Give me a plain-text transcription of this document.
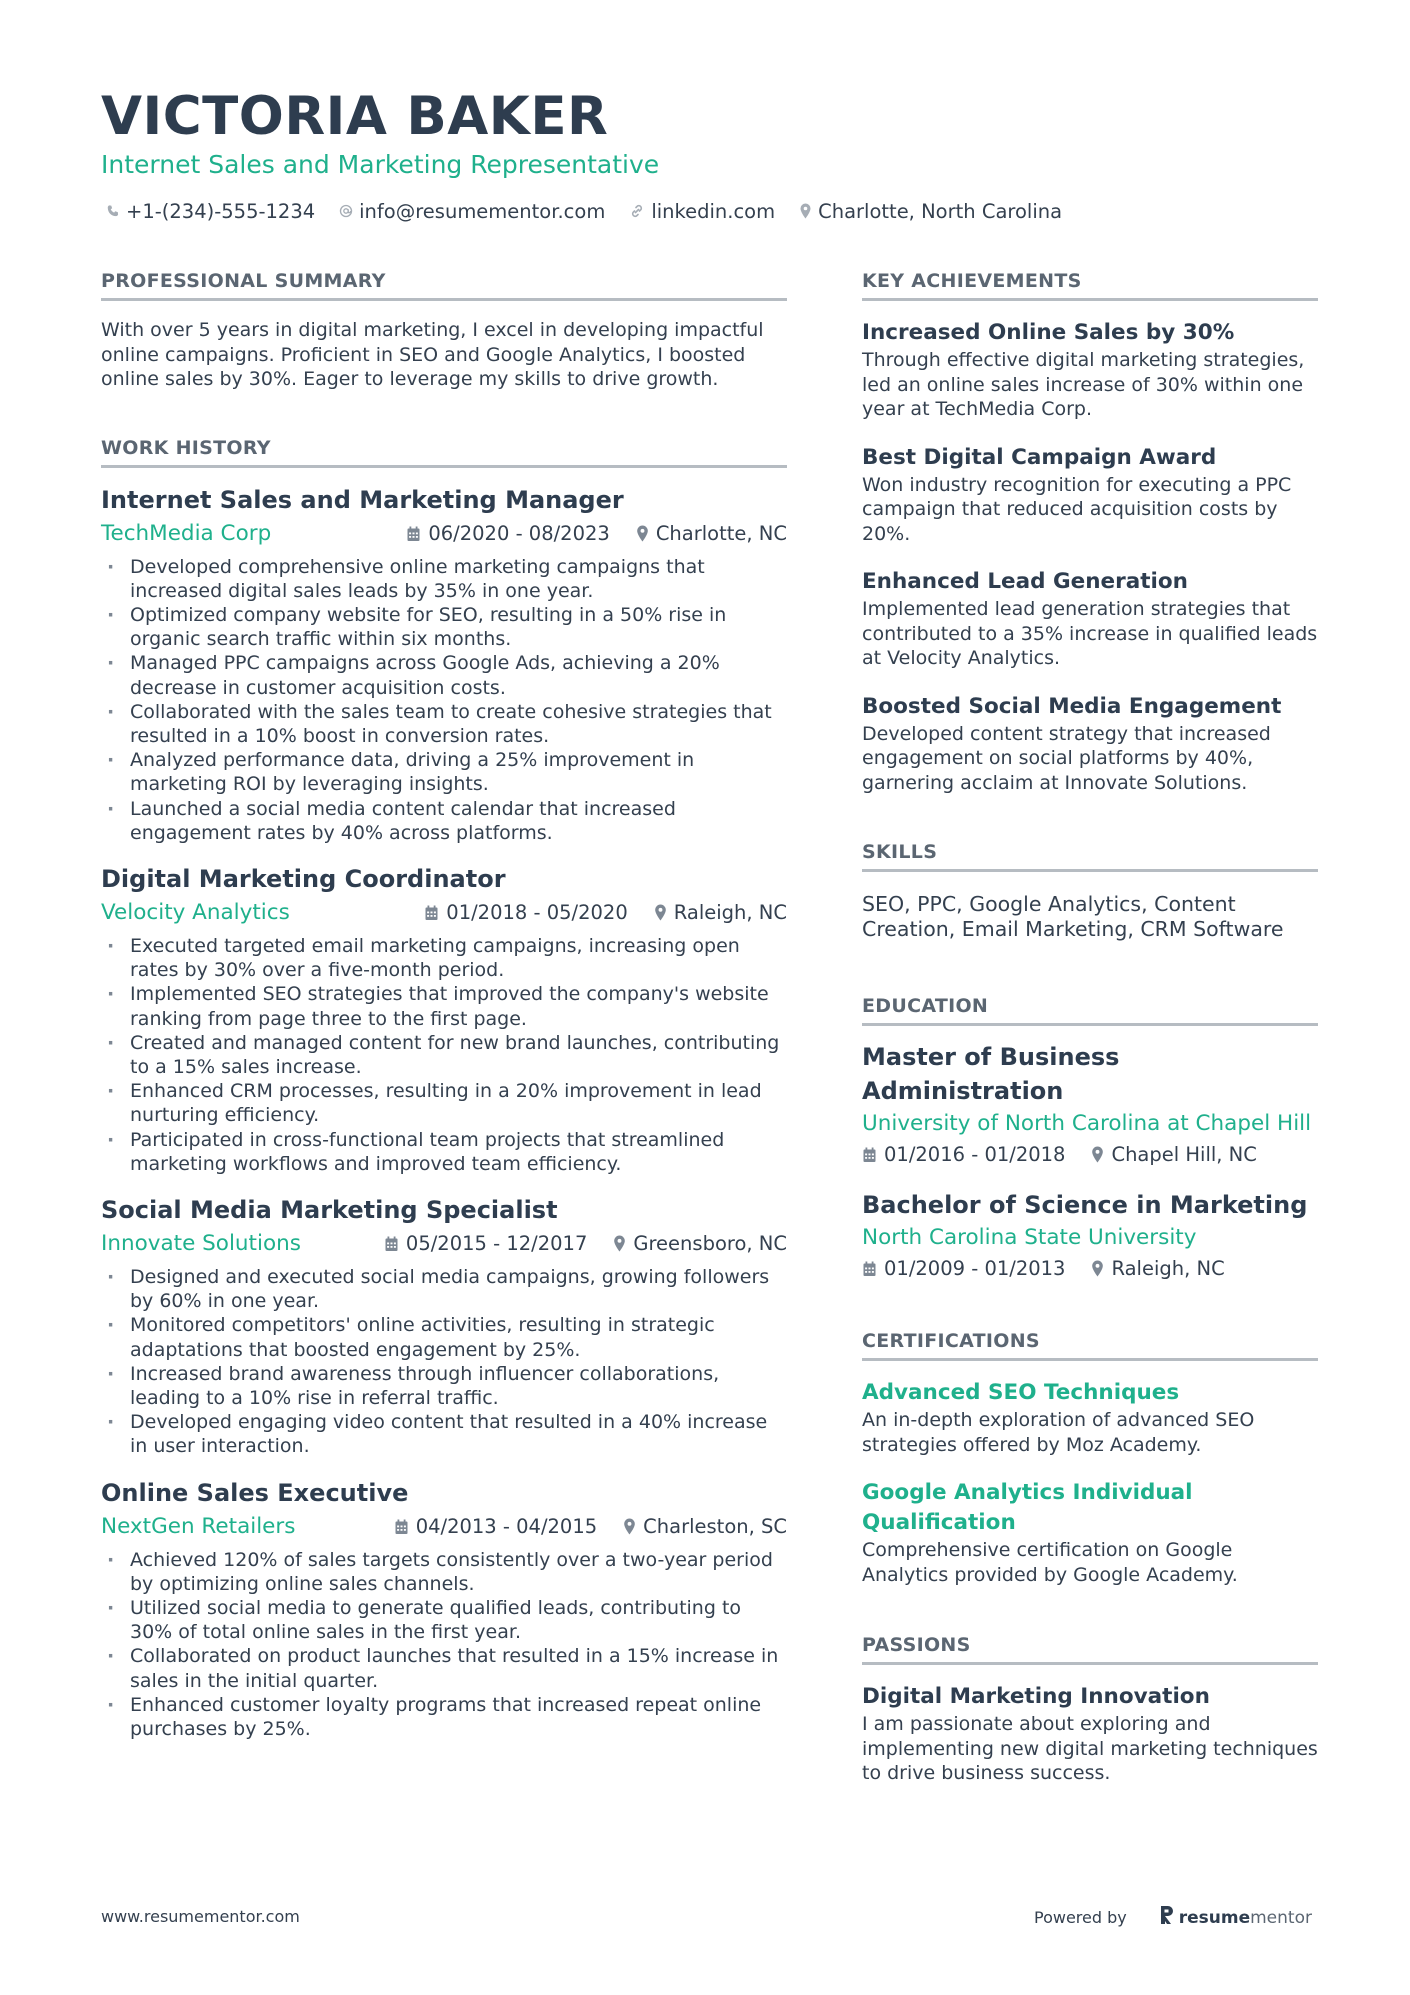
VICTORIA BAKER

Internet Sales and Marketing Representative

+1-(234)-555-1234 info@resumementor.com linkedin.com Charlotte, North Carolina
PROFESSIONAL SUMMARY

With over 5 years in digital marketing, I excel in developing impactful online campaigns. Proficient in SEO and Google Analytics, I boosted online sales by 30%. Eager to leverage my skills to drive growth.

WORK HISTORY
Internet Sales and Marketing Manager
TechMedia Corp	06/2020 - 08/2023 Charlotte, NC
· Developed comprehensive online marketing campaigns that increased digital sales leads by 35% in one year.
· Optimized company website for SEO, resulting in a 50% rise in organic search traffic within six months.
· Managed PPC campaigns across Google Ads, achieving a 20% decrease in customer acquisition costs.
· Collaborated with the sales team to create cohesive strategies that resulted in a 10% boost in conversion rates.
· Analyzed performance data, driving a 25% improvement in marketing ROI by leveraging insights.
· Launched a social media content calendar that increased engagement rates by 40% across platforms.
Digital Marketing Coordinator
Velocity Analytics	01/2018 - 05/2020 Raleigh, NC
· Executed targeted email marketing campaigns, increasing open rates by 30% over a five-month period.
· Implemented SEO strategies that improved the company's website ranking from page three to the first page.
· Created and managed content for new brand launches, contributing to a 15% sales increase.
· Enhanced CRM processes, resulting in a 20% improvement in lead nurturing efficiency.
· Participated in cross-functional team projects that streamlined marketing workflows and improved team efficiency.
Social Media Marketing Specialist
Innovate Solutions	05/2015 - 12/2017 Greensboro, NC
· Designed and executed social media campaigns, growing followers by 60% in one year.
· Monitored competitors' online activities, resulting in strategic adaptations that boosted engagement by 25%.
· Increased brand awareness through influencer collaborations, leading to a 10% rise in referral traffic.
· Developed engaging video content that resulted in a 40% increase in user interaction.
Online Sales Executive
NextGen Retailers	04/2013 - 04/2015 Charleston, SC
· Achieved 120% of sales targets consistently over a two-year period by optimizing online sales channels.
· Utilized social media to generate qualified leads, contributing to 30% of total online sales in the first year.
· Collaborated on product launches that resulted in a 15% increase in sales in the initial quarter.
· Enhanced customer loyalty programs that increased repeat online purchases by 25%.
KEY ACHIEVEMENTS
Increased Online Sales by 30%

Through effective digital marketing strategies, led an online sales increase of 30% within one year at TechMedia Corp.

Best Digital Campaign Award

Won industry recognition for executing a PPC campaign that reduced acquisition costs by 20%.

Enhanced Lead Generation

Implemented lead generation strategies that contributed to a 35% increase in qualified leads at Velocity Analytics.

Boosted Social Media Engagement

Developed content strategy that increased engagement on social platforms by 40%, garnering acclaim at Innovate Solutions.

SKILLS

SEO, PPC, Google Analytics, Content Creation, Email Marketing, CRM Software

EDUCATION
Master of Business Administration

University of North Carolina at Chapel Hill

01/2016 - 01/2018 Chapel Hill, NC
Bachelor of Science in Marketing

North Carolina State University

01/2009 - 01/2013 Raleigh, NC
CERTIFICATIONS
Advanced SEO Techniques

An in-depth exploration of advanced SEO strategies offered by Moz Academy.

Google Analytics Individual Qualification

Comprehensive certification on Google Analytics provided by Google Academy.

PASSIONS
Digital Marketing Innovation

I am passionate about exploring and implementing new digital marketing techniques to drive business success.

www.resumementor.com	Powered by	resume mentor
